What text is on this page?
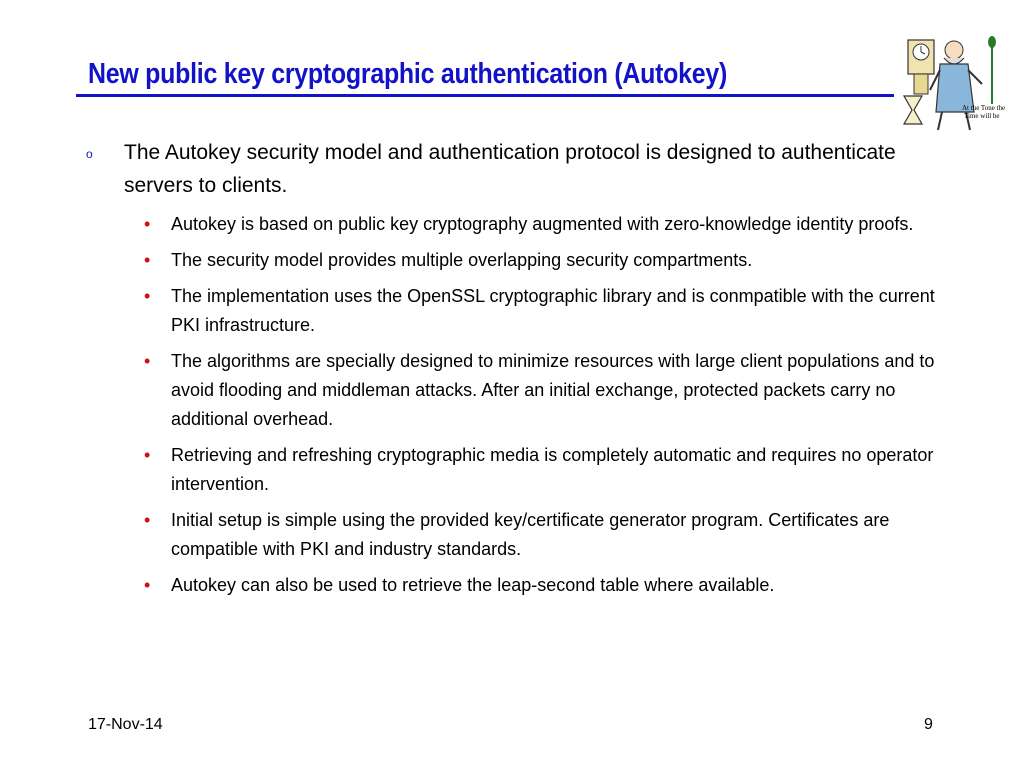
New public key cryptographic authentication (Autokey)
At the Tone the
Time will be
o The Autokey security model and authentication protocol is designed to authenticate servers to clients.
• Autokey is based on public key cryptography augmented with zero-knowledge identity proofs.
• The security model provides multiple overlapping security compartments.
• The implementation uses the OpenSSL cryptographic library and is conmpatible with the current PKI infrastructure.
• The algorithms are specially designed to minimize resources with large client populations and to avoid flooding and middleman attacks. After an initial exchange, protected packets carry no additional overhead.
• Retrieving and refreshing cryptographic media is completely automatic and requires no operator intervention.
• Initial setup is simple using the provided key/certificate generator program. Certificates are compatible with PKI and industry standards.
• Autokey can also be used to retrieve the leap-second table where available.
17-Nov-14	9
